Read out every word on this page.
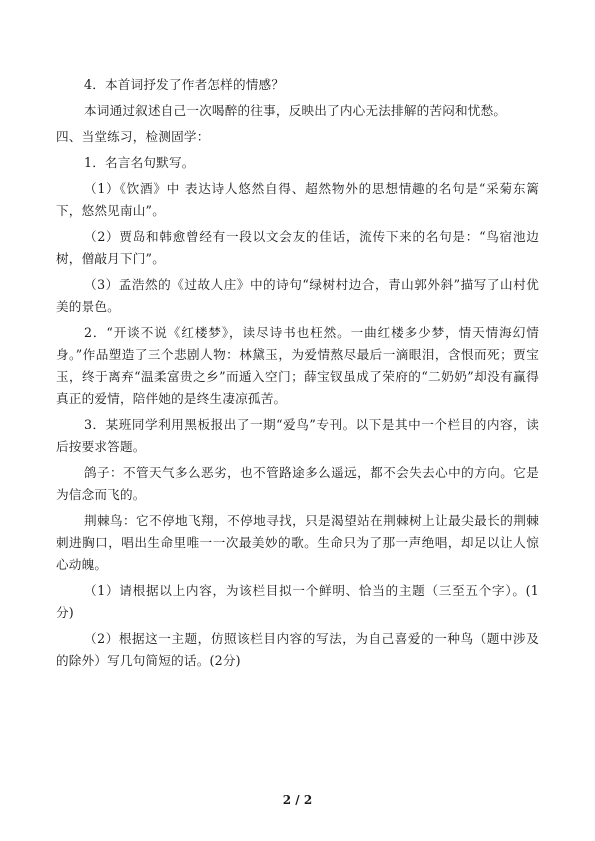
4．本首词抒发了作者怎样的情感？

本词通过叙述自己一次喝醉的往事，反映出了内心无法排解的苦闷和忧愁。

四、当堂练习，检测固学：

1．名言名句默写。

（1）《饮酒》中 表达诗人悠然自得、超然物外的思想情趣的名句是“采菊东篱下，悠然见南山”。

（2）贾岛和韩愈曾经有一段以文会友的佳话，流传下来的名句是：“鸟宿池边树，僧敲月下门”。

（3）孟浩然的《过故人庄》中的诗句“绿树村边合，青山郭外斜”描写了山村优美的景色。

2．“开谈不说《红楼梦》，读尽诗书也枉然。一曲红楼多少梦，情天情海幻情身。”作品塑造了三个悲剧人物：林黛玉，为爱情熬尽最后一滴眼泪，含恨而死；贾宝玉，终于离弃“温柔富贵之乡”而遁入空门；薛宝钗虽成了荣府的“二奶奶”却没有赢得真正的爱情，陪伴她的是终生凄凉孤苦。

3．某班同学利用黑板报出了一期“爱鸟”专刊。以下是其中一个栏目的内容，读后按要求答题。

鸽子：不管天气多么恶劣，也不管路途多么遥远，都不会失去心中的方向。它是为信念而飞的。

荆棘鸟：它不停地飞翔，不停地寻找，只是渴望站在荆棘树上让最尖最长的荆棘刺进胸口，唱出生命里唯一一次最美妙的歌。生命只为了那一声绝唱，却足以让人惊心动魄。

（1）请根据以上内容，为该栏目拟一个鲜明、恰当的主题（三至五个字）。(1分)

（2）根据这一主题，仿照该栏目内容的写法，为自己喜爱的一种鸟（题中涉及的除外）写几句简短的话。(2分)

2 / 2
